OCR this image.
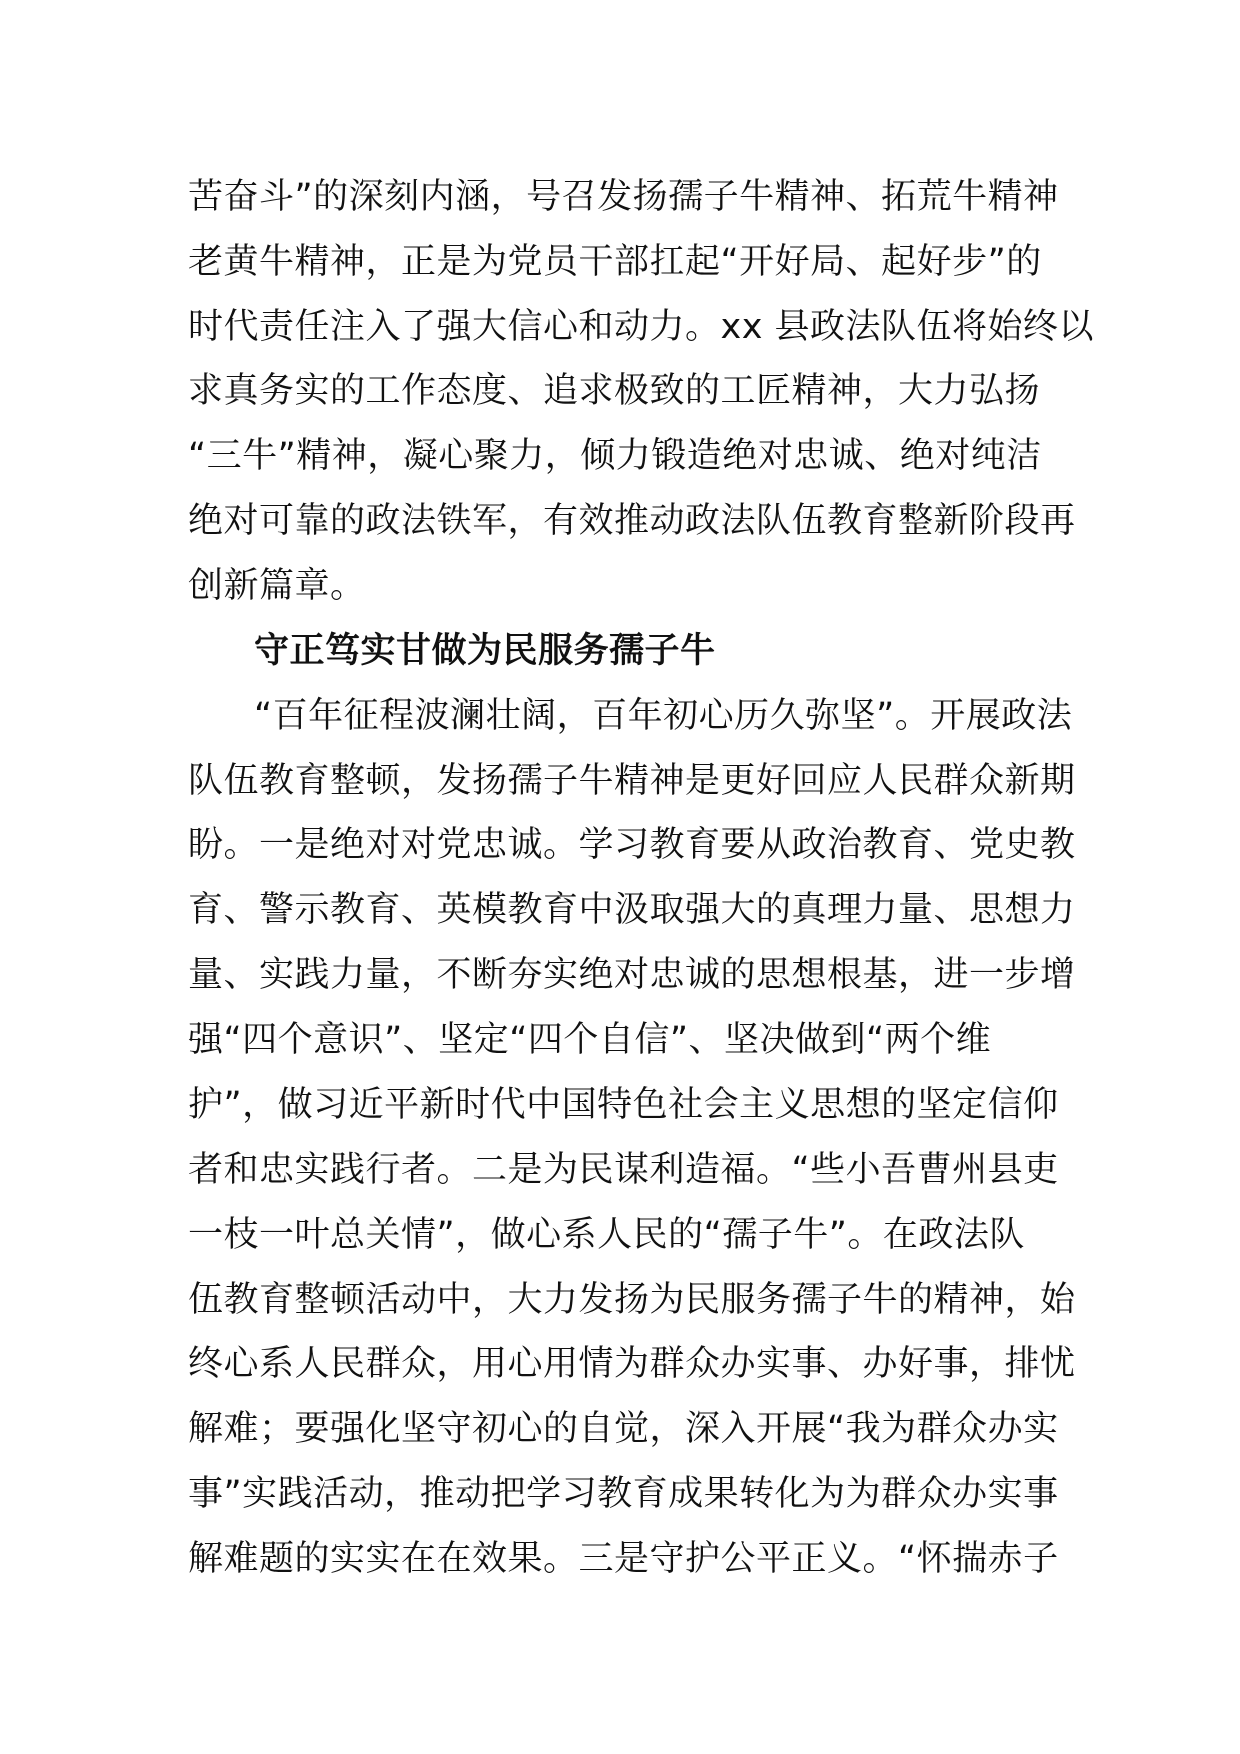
苦奋斗”的深刻内涵，号召发扬孺子牛精神、拓荒牛精神
老黄牛精神，正是为党员干部扛起“开好局、起好步”的
时代责任注入了强大信心和动力。xx 县政法队伍将始终以
求真务实的工作态度、追求极致的工匠精神，大力弘扬
“三牛”精神，凝心聚力，倾力锻造绝对忠诚、绝对纯洁
绝对可靠的政法铁军，有效推动政法队伍教育整新阶段再
创新篇章。
守正笃实甘做为民服务孺子牛
“百年征程波澜壮阔，百年初心历久弥坚”。开展政法
队伍教育整顿，发扬孺子牛精神是更好回应人民群众新期
盼。一是绝对对党忠诚。学习教育要从政治教育、党史教
育、警示教育、英模教育中汲取强大的真理力量、思想力
量、实践力量，不断夯实绝对忠诚的思想根基，进一步增
强“四个意识”、坚定“四个自信”、坚决做到“两个维
护”，做习近平新时代中国特色社会主义思想的坚定信仰
者和忠实践行者。二是为民谋利造福。“些小吾曹州县吏
一枝一叶总关情”，做心系人民的“孺子牛”。在政法队
伍教育整顿活动中，大力发扬为民服务孺子牛的精神，始
终心系人民群众，用心用情为群众办实事、办好事，排忧
解难；要强化坚守初心的自觉，深入开展“我为群众办实
事”实践活动，推动把学习教育成果转化为为群众办实事
解难题的实实在在效果。三是守护公平正义。“怀揣赤子
